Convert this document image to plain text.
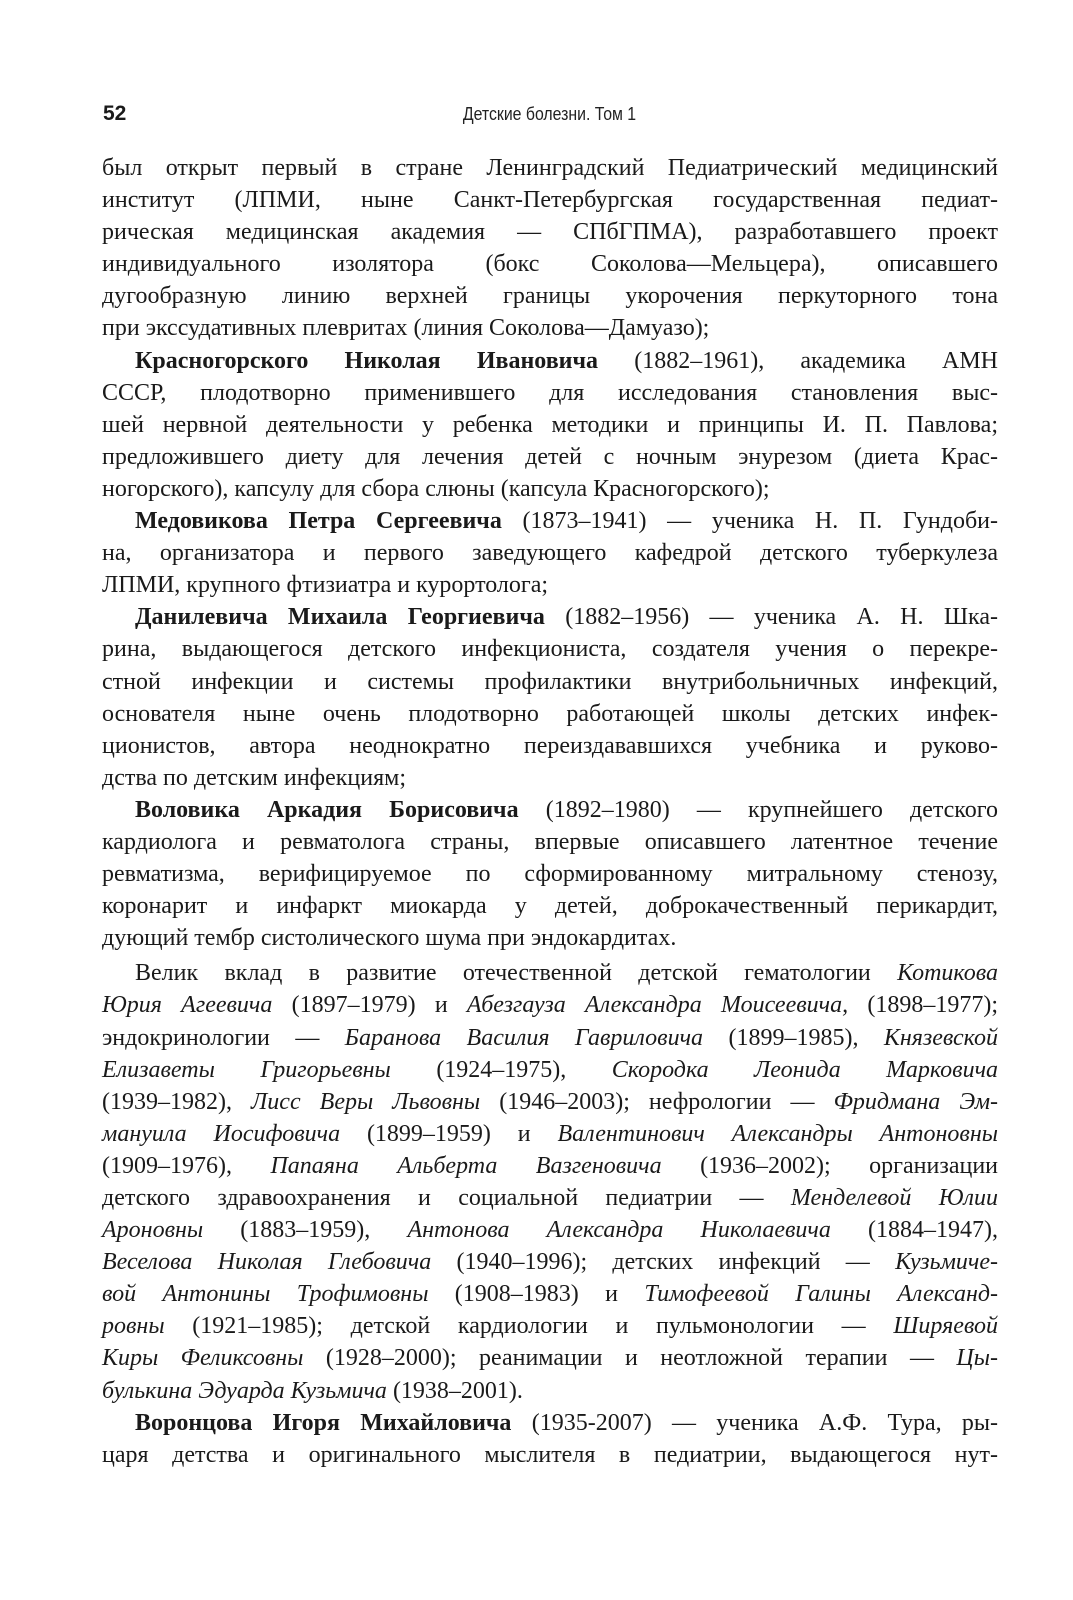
52	Детские болезни. Том 1
был открыт первый в стране Ленинградский Педиатрический медицинский
институт (ЛПМИ, ныне Санкт-Петербургская государственная педиат-
рическая медицинская академия — СПбГПМА), разработавшего проект
индивидуального изолятора (бокс Соколова—Мельцера), описавшего
дугообразную линию верхней границы укорочения перкуторного тона
при экссудативных плевритах (линия Соколова—Дамуазо);
Красногорского Николая Ивановича (1882–1961), академика АМН
СССР, плодотворно применившего для исследования становления выс-
шей нервной деятельности у ребенка методики и принципы И. П. Павлова;
предложившего диету для лечения детей с ночным энурезом (диета Крас-
ногорского), капсулу для сбора слюны (капсула Красногорского);
Медовикова Петра Сергеевича (1873–1941) — ученика Н. П. Гундоби-
на, организатора и первого заведующего кафедрой детского туберкулеза
ЛПМИ, крупного фтизиатра и курортолога;
Данилевича Михаила Георгиевича (1882–1956) — ученика А. Н. Шка-
рина, выдающегося детского инфекциониста, создателя учения о перекре-
стной инфекции и системы профилактики внутрибольничных инфекций,
основателя ныне очень плодотворно работающей школы детских инфек-
ционистов, автора неоднократно переиздававшихся учебника и руково-
дства по детским инфекциям;
Воловика Аркадия Борисовича (1892–1980) — крупнейшего детского
кардиолога и ревматолога страны, впервые описавшего латентное течение
ревматизма, верифицируемое по сформированному митральному стенозу,
коронарит и инфаркт миокарда у детей, доброкачественный перикардит,
дующий тембр систолического шума при эндокардитах.
Велик вклад в развитие отечественной детской гематологии Котикова
Юрия Агеевича (1897–1979) и Абезгауза Александра Моисеевича, (1898–1977);
эндокринологии — Баранова Василия Гавриловича (1899–1985), Князевской
Елизаветы Григорьевны (1924–1975), Скородка Леонида Марковича
(1939–1982), Лисс Веры Львовны (1946–2003); нефрологии — Фридмана Эм-
мануила Иосифовича (1899–1959) и Валентинович Александры Антоновны
(1909–1976), Папаяна Альберта Вазгеновича (1936–2002); организации
детского здравоохранения и социальной педиатрии — Менделевой Юлии
Ароновны (1883–1959), Антонова Александра Николаевича (1884–1947),
Веселова Николая Глебовича (1940–1996); детских инфекций — Кузьмиче-
вой Антонины Трофимовны (1908–1983) и Тимофеевой Галины Александ-
ровны (1921–1985); детской кардиологии и пульмонологии — Ширяевой
Киры Феликсовны (1928–2000); реанимации и неотложной терапии — Цы-
булькина Эдуарда Кузьмича (1938–2001).
Воронцова Игоря Михайловича (1935-2007) — ученика А.Ф. Тура, ры-
царя детства и оригинального мыслителя в педиатрии, выдающегося нут-
